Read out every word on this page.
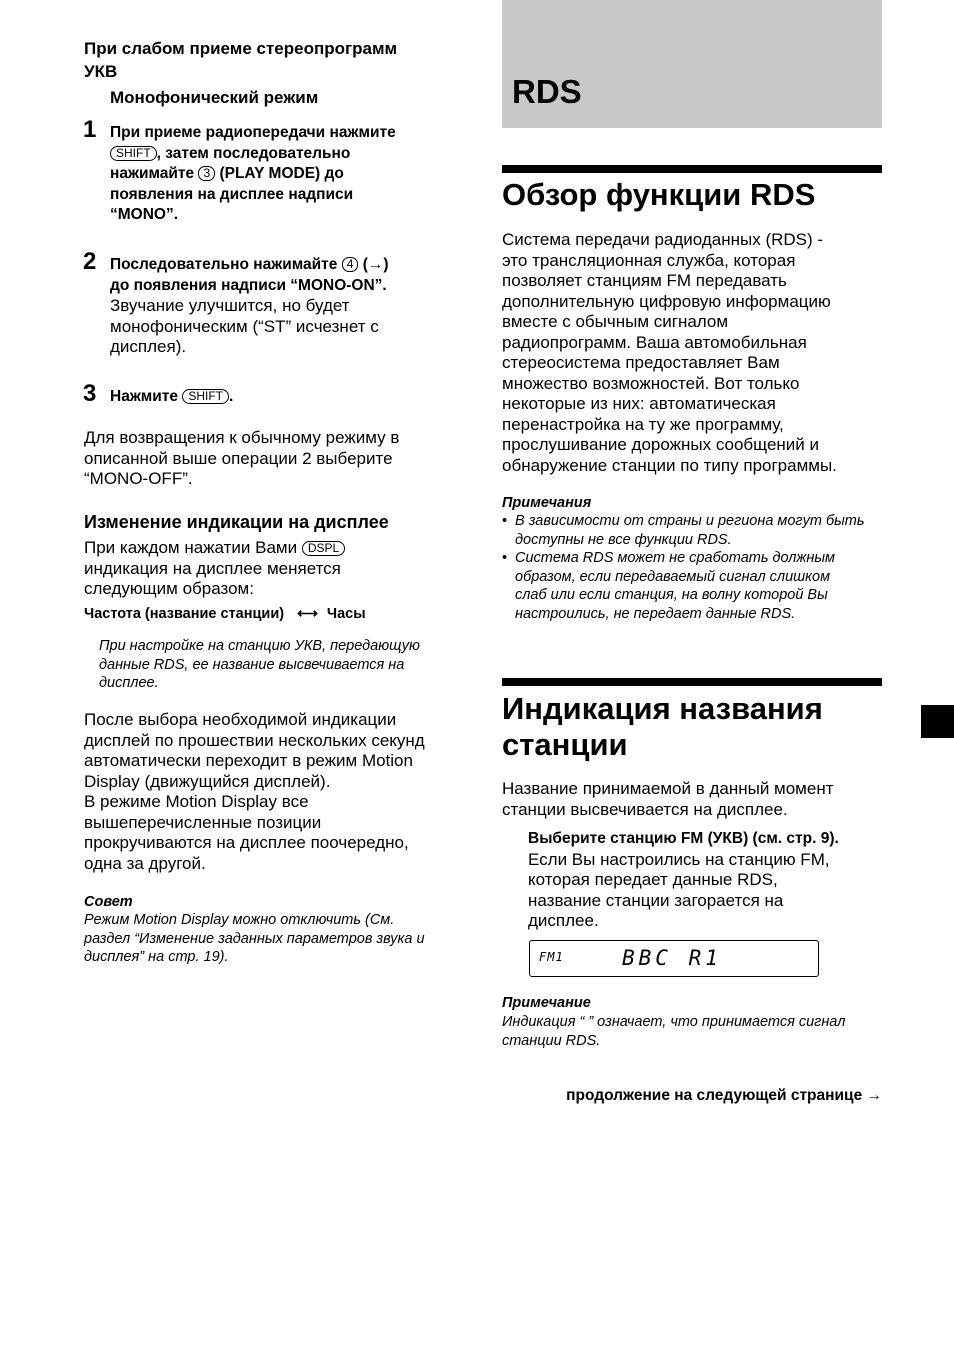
При слабом приеме стереопрограмм
УКВ
Монофонический режим
1 При приеме радиопередачи нажмите
SHIFT , затем последовательно
нажимайте 3 (PLAY MODE) до
появления на дисплее надписи
“MONO”.
2 Последовательно нажимайте 4 (→)
до появления надписи “MONO-ON”.
Звучание улучшится, но будет
монофоническим (“ST” исчезнет с
дисплея).
3 Нажмите SHIFT .
Для возвращения к обычному режиму в
описанной выше операции 2 выберите
“MONO-OFF”.
Изменение индикации на дисплее
При каждом нажатии Вами DSPL
индикация на дисплее меняется
следующим образом:
Частота (название станции) ⟷ Часы
При настройке на станцию УКВ, передающую
данные RDS, ее название высвечивается на
дисплее.
После выбора необходимой индикации
дисплей по прошествии нескольких секунд
автоматически переходит в режим Motion
Display (движущийся дисплей).
В режиме Motion Display все
вышеперечисленные позиции
прокручиваются на дисплее поочередно,
одна за другой.
Совет
Режим Motion Display можно отключить (См.
раздел “Изменение заданных параметров звука и
дисплея” на стр. 19).
RDS
Обзор функции RDS
Система передачи радиоданных (RDS) -
это трансляционная служба, которая
позволяет станциям FM передавать
дополнительную цифровую информацию
вместе с обычным сигналом
радиопрограмм. Ваша автомобильная
стереосистема предоставляет Вам
множество возможностей. Вот только
некоторые из них: автоматическая
перенастройка на ту же программу,
прослушивание дорожных сообщений и
обнаружение станции по типу программы.
Примечания
• В зависимости от страны и региона могут быть
доступны не все функции RDS.
• Система RDS может не сработать должным
образом, если передаваемый сигнал слишком
слаб или если станция, на волну которой Вы
настроились, не передает данные RDS.
Индикация названия
станции
Название принимаемой в данный момент
станции высвечивается на дисплее.
Выберите станцию FM (УКВ) (см. стр. 9).
Если Вы настроились на станцию FM,
которая передает данные RDS,
название станции загорается на
дисплее.
FM1	BBC R1
Примечание
Индикация “ ” означает, что принимается сигнал
станции RDS.
продолжение на следующей странице →
